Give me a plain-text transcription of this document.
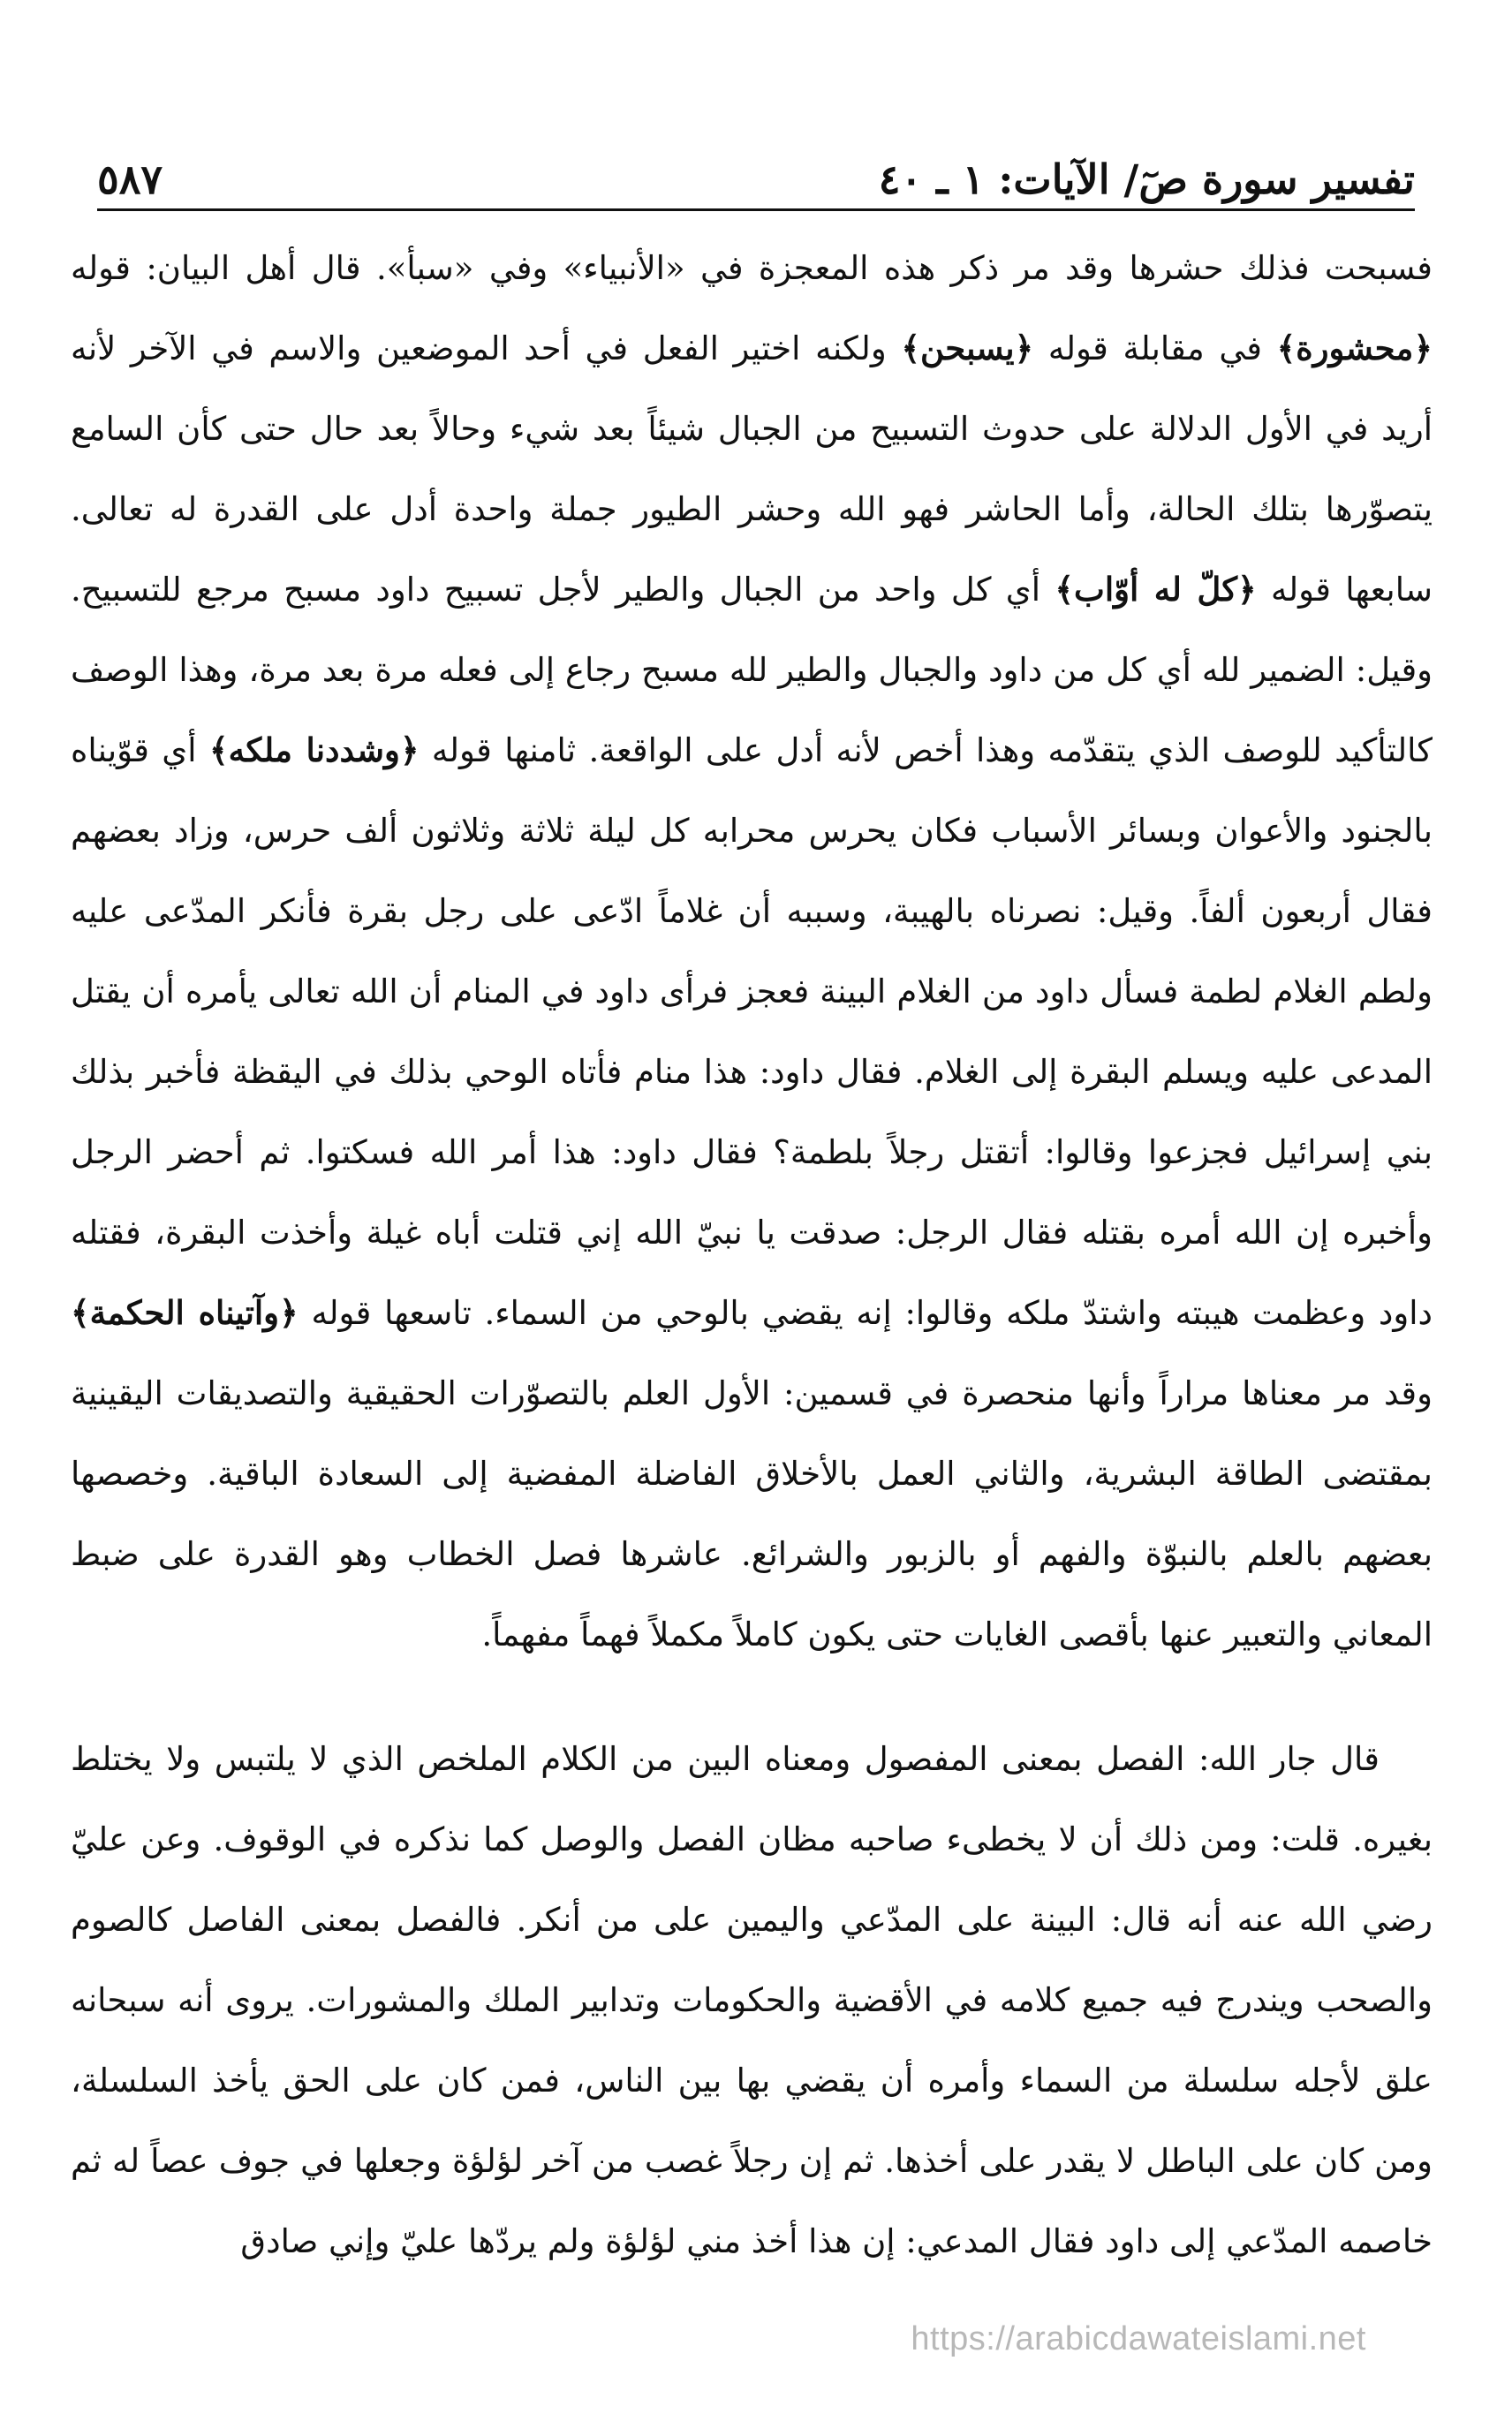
تفسير سورة صٓ/ الآيات: ١ ـ ٤٠
٥٨٧

فسبحت فذلك حشرها وقد مر ذكر هذه المعجزة في «الأنبياء» وفي «سبأ». قال أهل البيان: قوله ﴿محشورة﴾ في مقابلة قوله ﴿يسبحن﴾ ولكنه اختير الفعل في أحد الموضعين والاسم في الآخر لأنه أريد في الأول الدلالة على حدوث التسبيح من الجبال شيئاً بعد شيء وحالاً بعد حال حتى كأن السامع يتصوّرها بتلك الحالة، وأما الحاشر فهو الله وحشر الطيور جملة واحدة أدل على القدرة له تعالى. سابعها قوله ﴿كلّ له أوّاب﴾ أي كل واحد من الجبال والطير لأجل تسبيح داود مسبح مرجع للتسبيح. وقيل: الضمير لله أي كل من داود والجبال والطير لله مسبح رجاع إلى فعله مرة بعد مرة، وهذا الوصف كالتأكيد للوصف الذي يتقدّمه وهذا أخص لأنه أدل على الواقعة. ثامنها قوله ﴿وشددنا ملكه﴾ أي قوّيناه بالجنود والأعوان وبسائر الأسباب فكان يحرس محرابه كل ليلة ثلاثة وثلاثون ألف حرس، وزاد بعضهم فقال أربعون ألفاً. وقيل: نصرناه بالهيبة، وسببه أن غلاماً ادّعى على رجل بقرة فأنكر المدّعى عليه ولطم الغلام لطمة فسأل داود من الغلام البينة فعجز فرأى داود في المنام أن الله تعالى يأمره أن يقتل المدعى عليه ويسلم البقرة إلى الغلام. فقال داود: هذا منام فأتاه الوحي بذلك في اليقظة فأخبر بذلك بني إسرائيل فجزعوا وقالوا: أتقتل رجلاً بلطمة؟ فقال داود: هذا أمر الله فسكتوا. ثم أحضر الرجل وأخبره إن الله أمره بقتله فقال الرجل: صدقت يا نبيّ الله إني قتلت أباه غيلة وأخذت البقرة، فقتله داود وعظمت هيبته واشتدّ ملكه وقالوا: إنه يقضي بالوحي من السماء. تاسعها قوله ﴿وآتيناه الحكمة﴾ وقد مر معناها مراراً وأنها منحصرة في قسمين: الأول العلم بالتصوّرات الحقيقية والتصديقات اليقينية بمقتضى الطاقة البشرية، والثاني العمل بالأخلاق الفاضلة المفضية إلى السعادة الباقية. وخصصها بعضهم بالعلم بالنبوّة والفهم أو بالزبور والشرائع. عاشرها فصل الخطاب وهو القدرة على ضبط المعاني والتعبير عنها بأقصى الغايات حتى يكون كاملاً مكملاً فهماً مفهماً.

قال جار الله: الفصل بمعنى المفصول ومعناه البين من الكلام الملخص الذي لا يلتبس ولا يختلط بغيره. قلت: ومن ذلك أن لا يخطىء صاحبه مظان الفصل والوصل كما نذكره في الوقوف. وعن عليّ رضي الله عنه أنه قال: البينة على المدّعي واليمين على من أنكر. فالفصل بمعنى الفاصل كالصوم والصحب ويندرج فيه جميع كلامه في الأقضية والحكومات وتدابير الملك والمشورات. يروى أنه سبحانه علق لأجله سلسلة من السماء وأمره أن يقضي بها بين الناس، فمن كان على الحق يأخذ السلسلة، ومن كان على الباطل لا يقدر على أخذها. ثم إن رجلاً غصب من آخر لؤلؤة وجعلها في جوف عصاً له ثم خاصمه المدّعي إلى داود فقال المدعي: إن هذا أخذ مني لؤلؤة ولم يردّها عليّ وإني صادق

https://arabicdawateislami.net
